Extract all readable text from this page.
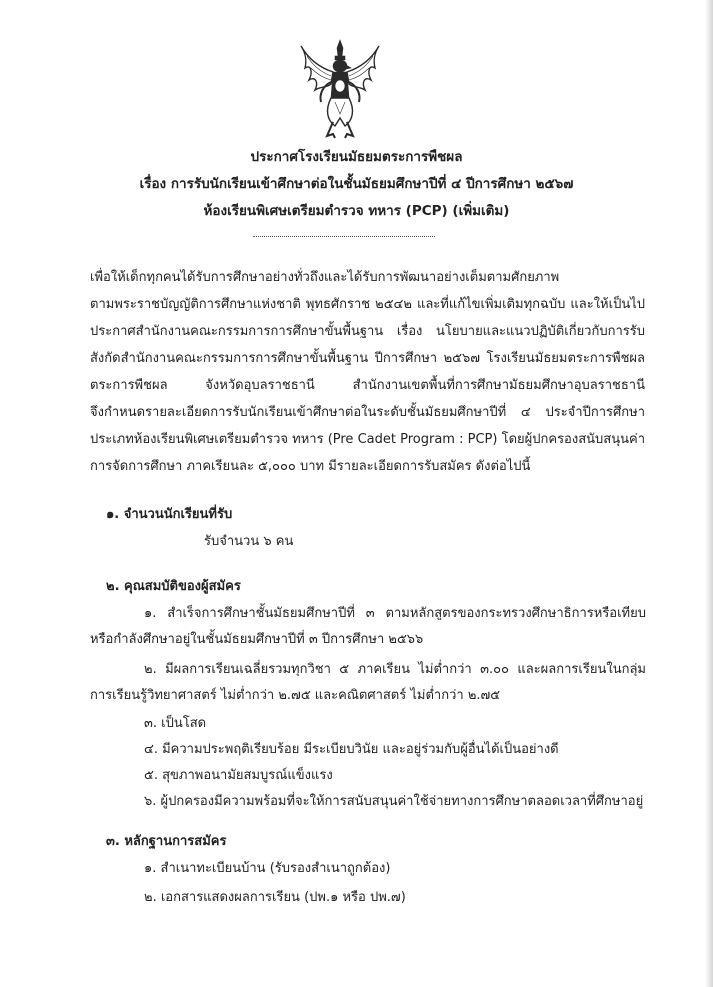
ประกาศโรงเรียนมัธยมตระการพืชผล
เรื่อง การรับนักเรียนเข้าศึกษาต่อในชั้นมัธยมศึกษาปีที่ ๔ ปีการศึกษา ๒๕๖๗
ห้องเรียนพิเศษเตรียมตำรวจ ทหาร (PCP) (เพิ่มเติม)
เพื่อให้เด็กทุกคนได้รับการศึกษาอย่างทั่วถึงและได้รับการพัฒนาอย่างเต็มตามศักยภาพ
ตามพระราชบัญญัติการศึกษาแห่งชาติ พุทธศักราช ๒๕๔๒ และที่แก้ไขเพิ่มเติมทุกฉบับ และให้เป็นไป
ประกาศสำนักงานคณะกรรมการการศึกษาขั้นพื้นฐาน เรื่อง นโยบายและแนวปฏิบัติเกี่ยวกับการรับ
สังกัดสำนักงานคณะกรรมการการศึกษาขั้นพื้นฐาน ปีการศึกษา ๒๕๖๗ โรงเรียนมัธยมตระการพืชผล
ตระการพืชผล จังหวัดอุบลราชธานี สำนักงานเขตพื้นที่การศึกษามัธยมศึกษาอุบลราชธานี
จึงกำหนดรายละเอียดการรับนักเรียนเข้าศึกษาต่อในระดับชั้นมัธยมศึกษาปีที่ ๔ ประจำปีการศึกษา
ประเภทห้องเรียนพิเศษเตรียมตำรวจ ทหาร (Pre Cadet Program : PCP) โดยผู้ปกครองสนับสนุนค่า
การจัดการศึกษา ภาคเรียนละ ๕,๐๐๐ บาท มีรายละเอียดการรับสมัคร ดังต่อไปนี้
๑. จำนวนนักเรียนที่รับ
รับจำนวน ๖ คน
๒. คุณสมบัติของผู้สมัคร
๑. สำเร็จการศึกษาชั้นมัธยมศึกษาปีที่ ๓ ตามหลักสูตรของกระทรวงศึกษาธิการหรือเทียบ
หรือกำลังศึกษาอยู่ในชั้นมัธยมศึกษาปีที่ ๓ ปีการศึกษา ๒๕๖๖
๒. มีผลการเรียนเฉลี่ยรวมทุกวิชา ๕ ภาคเรียน ไม่ต่ำกว่า ๓.๐๐ และผลการเรียนในกลุ่ม
การเรียนรู้วิทยาศาสตร์ ไม่ต่ำกว่า ๒.๗๕ และคณิตศาสตร์ ไม่ต่ำกว่า ๒.๗๕
๓. เป็นโสด
๔. มีความประพฤติเรียบร้อย มีระเบียบวินัย และอยู่ร่วมกับผู้อื่นได้เป็นอย่างดี
๕. สุขภาพอนามัยสมบูรณ์แข็งแรง
๖. ผู้ปกครองมีความพร้อมที่จะให้การสนับสนุนค่าใช้จ่ายทางการศึกษาตลอดเวลาที่ศึกษาอยู่
๓. หลักฐานการสมัคร
๑. สำเนาทะเบียนบ้าน (รับรองสำเนาถูกต้อง)
๒. เอกสารแสดงผลการเรียน (ปพ.๑ หรือ ปพ.๗)
